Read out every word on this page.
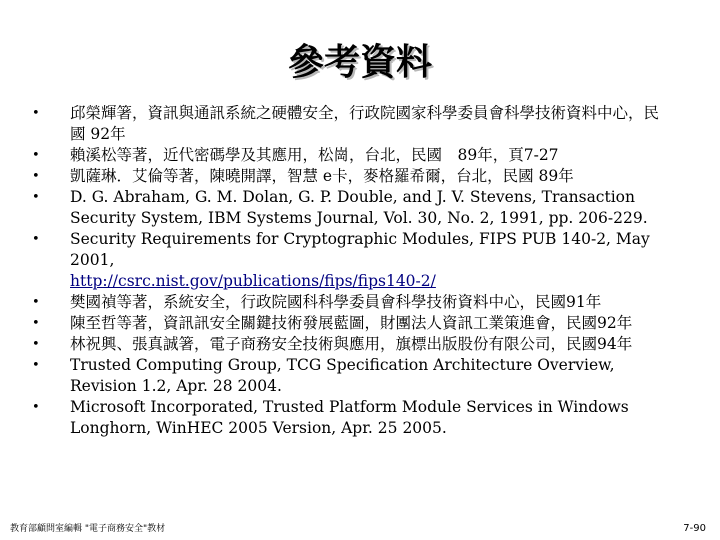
參考資料
• 邱榮輝箸，資訊與通訊系統之硬體安全，行政院國家科學委員會科學技術資料中心，民國 92年
• 賴溪松等著，近代密碼學及其應用，松崗，台北，民國　89年，頁7-27
• 凱薩琳．艾倫等著，陳曉開譯，智慧 e卡，麥格羅希爾，台北，民國 89年
• D. G. Abraham, G. M. Dolan, G. P. Double, and J. V. Stevens, Transaction Security System, IBM Systems Journal, Vol. 30, No. 2, 1991, pp. 206-229.
• Security Requirements for Cryptographic Modules, FIPS PUB 140-2, May 2001,
http://csrc.nist.gov/publications/fips/fips140-2/
• 樊國禎等著，系統安全，行政院國科科學委員會科學技術資料中心，民國91年
• 陳至哲等著，資訊訊安全關鍵技術發展藍圖，財團法人資訊工業策進會，民國92年
• 林祝興、張真誠箸，電子商務安全技術與應用，旗標出版股份有限公司，民國94年
• Trusted Computing Group, TCG Specification Architecture Overview, Revision 1.2, Apr. 28 2004.
• Microsoft Incorporated, Trusted Platform Module Services in Windows Longhorn, WinHEC 2005 Version, Apr. 25 2005.
教育部顧問室編輯 "電子商務安全"教材	7-90
